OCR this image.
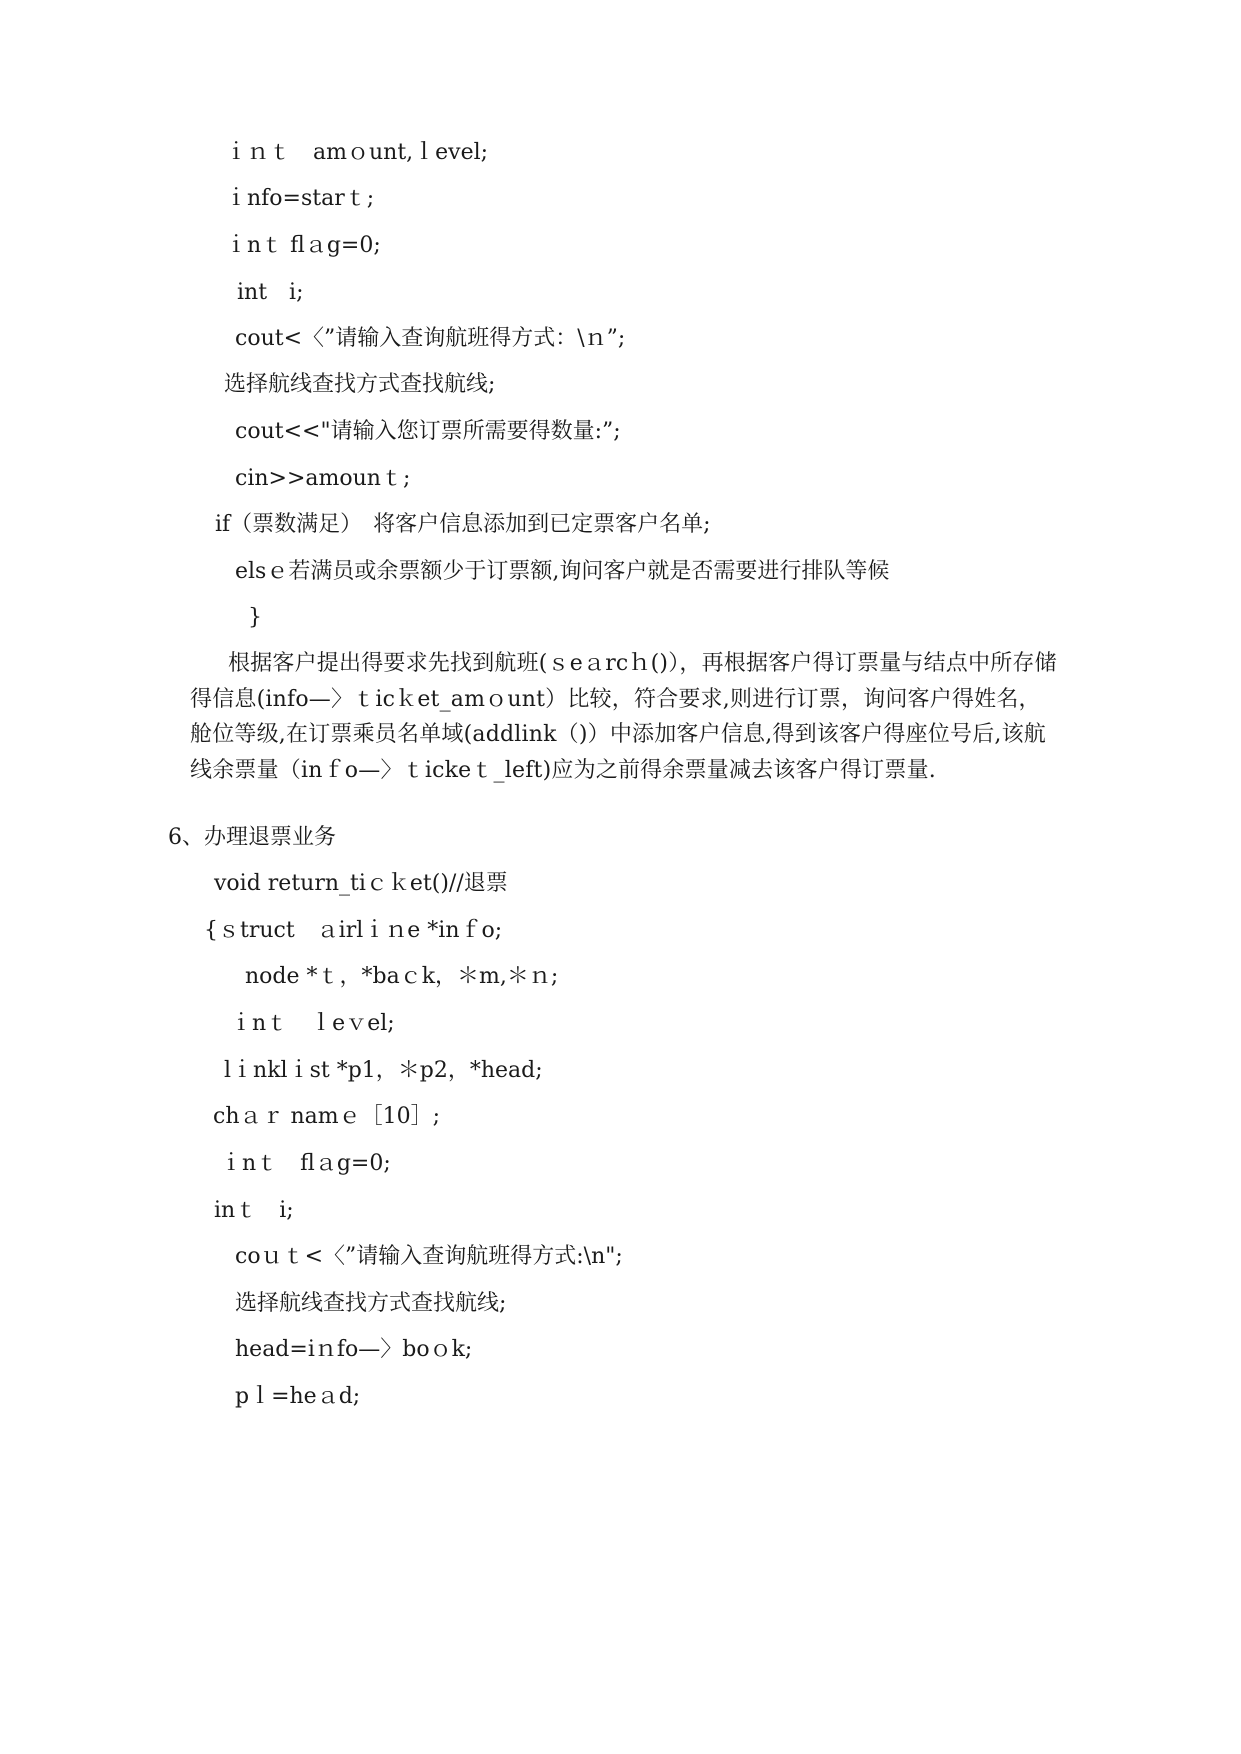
ｉｎｔ　amｏunt,ｌevel;
ｉnfo=starｔ;
ｉnｔ flａg=0;
int　i;
cout<〈”请输入查询航班得方式：\ｎ”;
选择航线查找方式查找航线;
cout<<"请输入您订票所需要得数量:”;
cin>>amounｔ;
if（票数满足）　将客户信息添加到已定票客户名单;
elsｅ若满员或余票额少于订票额,询问客户就是否需要进行排队等候
}
根据客户提出得要求先找到航班(ｓeａrcｈ()），再根据客户得订票量与结点中所存储得信息(info—〉ｔicｋet_amｏunt）比较，符合要求,则进行订票，询问客户得姓名，舱位等级,在订票乘员名单域(addlink（)）中添加客户信息,得到该客户得座位号后,该航线余票量（inｆo—〉ｔickeｔ_left)应为之前得余票量减去该客户得订票量.
6、办理退票业务
void return_tiｃｋet()//退票
{ｓtruct　ａirlｉｎe *inｆo;
node *ｔ，*baｃk，＊m,＊ｎ;
ｉnｔ　ｌeｖel;
lｉnklｉst *p1，＊p2，*head;
chａｒ namｅ［10］;
ｉnｔ　flａg=0;
inｔ　i;
coｕｔ<〈”请输入查询航班得方式:\n";
选择航线查找方式查找航线;
head=iｎfo—〉boｏk;
pｌ=heａd;
